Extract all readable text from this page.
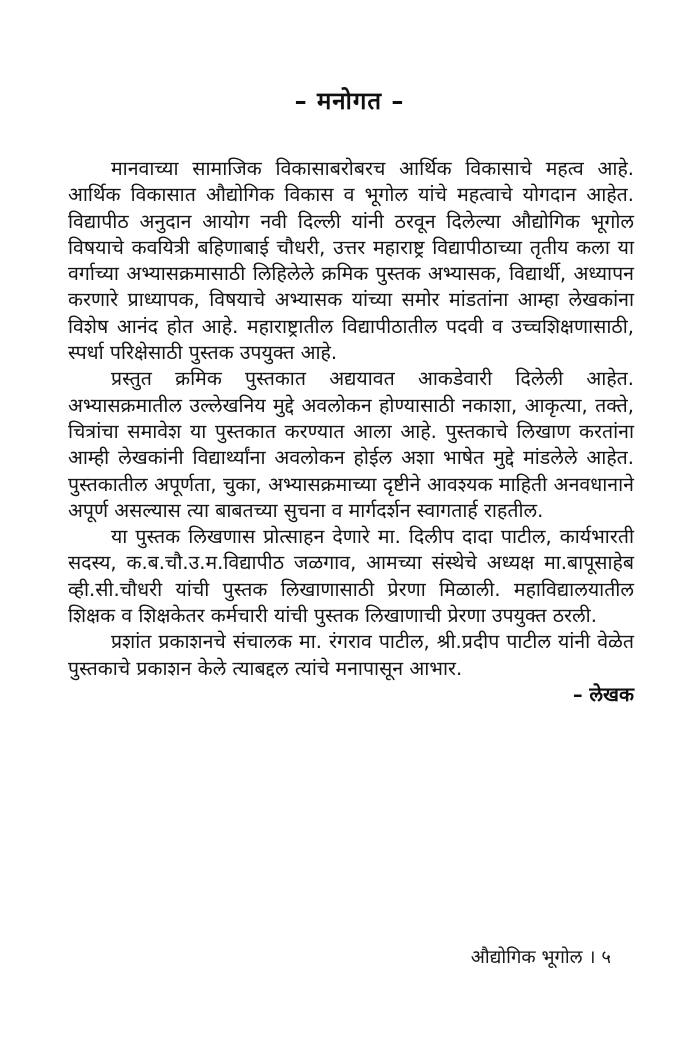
– मनोगत –

मानवाच्या सामाजिक विकासाबरोबरच आर्थिक विकासाचे महत्व आहे. आर्थिक विकासात औद्योगिक विकास व भूगोल यांचे महत्वाचे योगदान आहेत. विद्यापीठ अनुदान आयोग नवी दिल्ली यांनी ठरवून दिलेल्या औद्योगिक भूगोल विषयाचे कवयित्री बहिणाबाई चौधरी, उत्तर महाराष्ट्र विद्यापीठाच्या तृतीय कला या वर्गाच्या अभ्यासक्रमासाठी लिहिलेले क्रमिक पुस्तक अभ्यासक, विद्यार्थी, अध्यापन करणारे प्राध्यापक, विषयाचे अभ्यासक यांच्या समोर मांडतांना आम्हा लेखकांना विशेष आनंद होत आहे. महाराष्ट्रातील विद्यापीठातील पदवी व उच्चशिक्षणासाठी, स्पर्धा परिक्षेसाठी पुस्तक उपयुक्त आहे.

प्रस्तुत क्रमिक पुस्तकात अद्ययावत आकडेवारी दिलेली आहेत. अभ्यासक्रमातील उल्लेखनिय मुद्दे अवलोकन होण्यासाठी नकाशा, आकृत्या, तक्ते, चित्रांचा समावेश या पुस्तकात करण्यात आला आहे. पुस्तकाचे लिखाण करतांना आम्ही लेखकांनी विद्यार्थ्यांना अवलोकन होईल अशा भाषेत मुद्दे मांडलेले आहेत. पुस्तकातील अपूर्णता, चुका, अभ्यासक्रमाच्या दृष्टीने आवश्यक माहिती अनवधानाने अपूर्ण असल्यास त्या बाबतच्या सुचना व मार्गदर्शन स्वागतार्ह राहतील.

या पुस्तक लिखणास प्रोत्साहन देणारे मा. दिलीप दादा पाटील, कार्यभारती सदस्य, क.ब.चौ.उ.म.विद्यापीठ जळगाव, आमच्या संस्थेचे अध्यक्ष मा.बापूसाहेब व्ही.सी.चौधरी यांची पुस्तक लिखाणासाठी प्रेरणा मिळाली. महाविद्यालयातील शिक्षक व शिक्षकेतर कर्मचारी यांची पुस्तक लिखाणाची प्रेरणा उपयुक्त ठरली.

प्रशांत प्रकाशनचे संचालक मा. रंगराव पाटील, श्री.प्रदीप पाटील यांनी वेळेत पुस्तकाचे प्रकाशन केले त्याबद्दल त्यांचे मनापासून आभार.

– लेखक

औद्योगिक भूगोल । ५
